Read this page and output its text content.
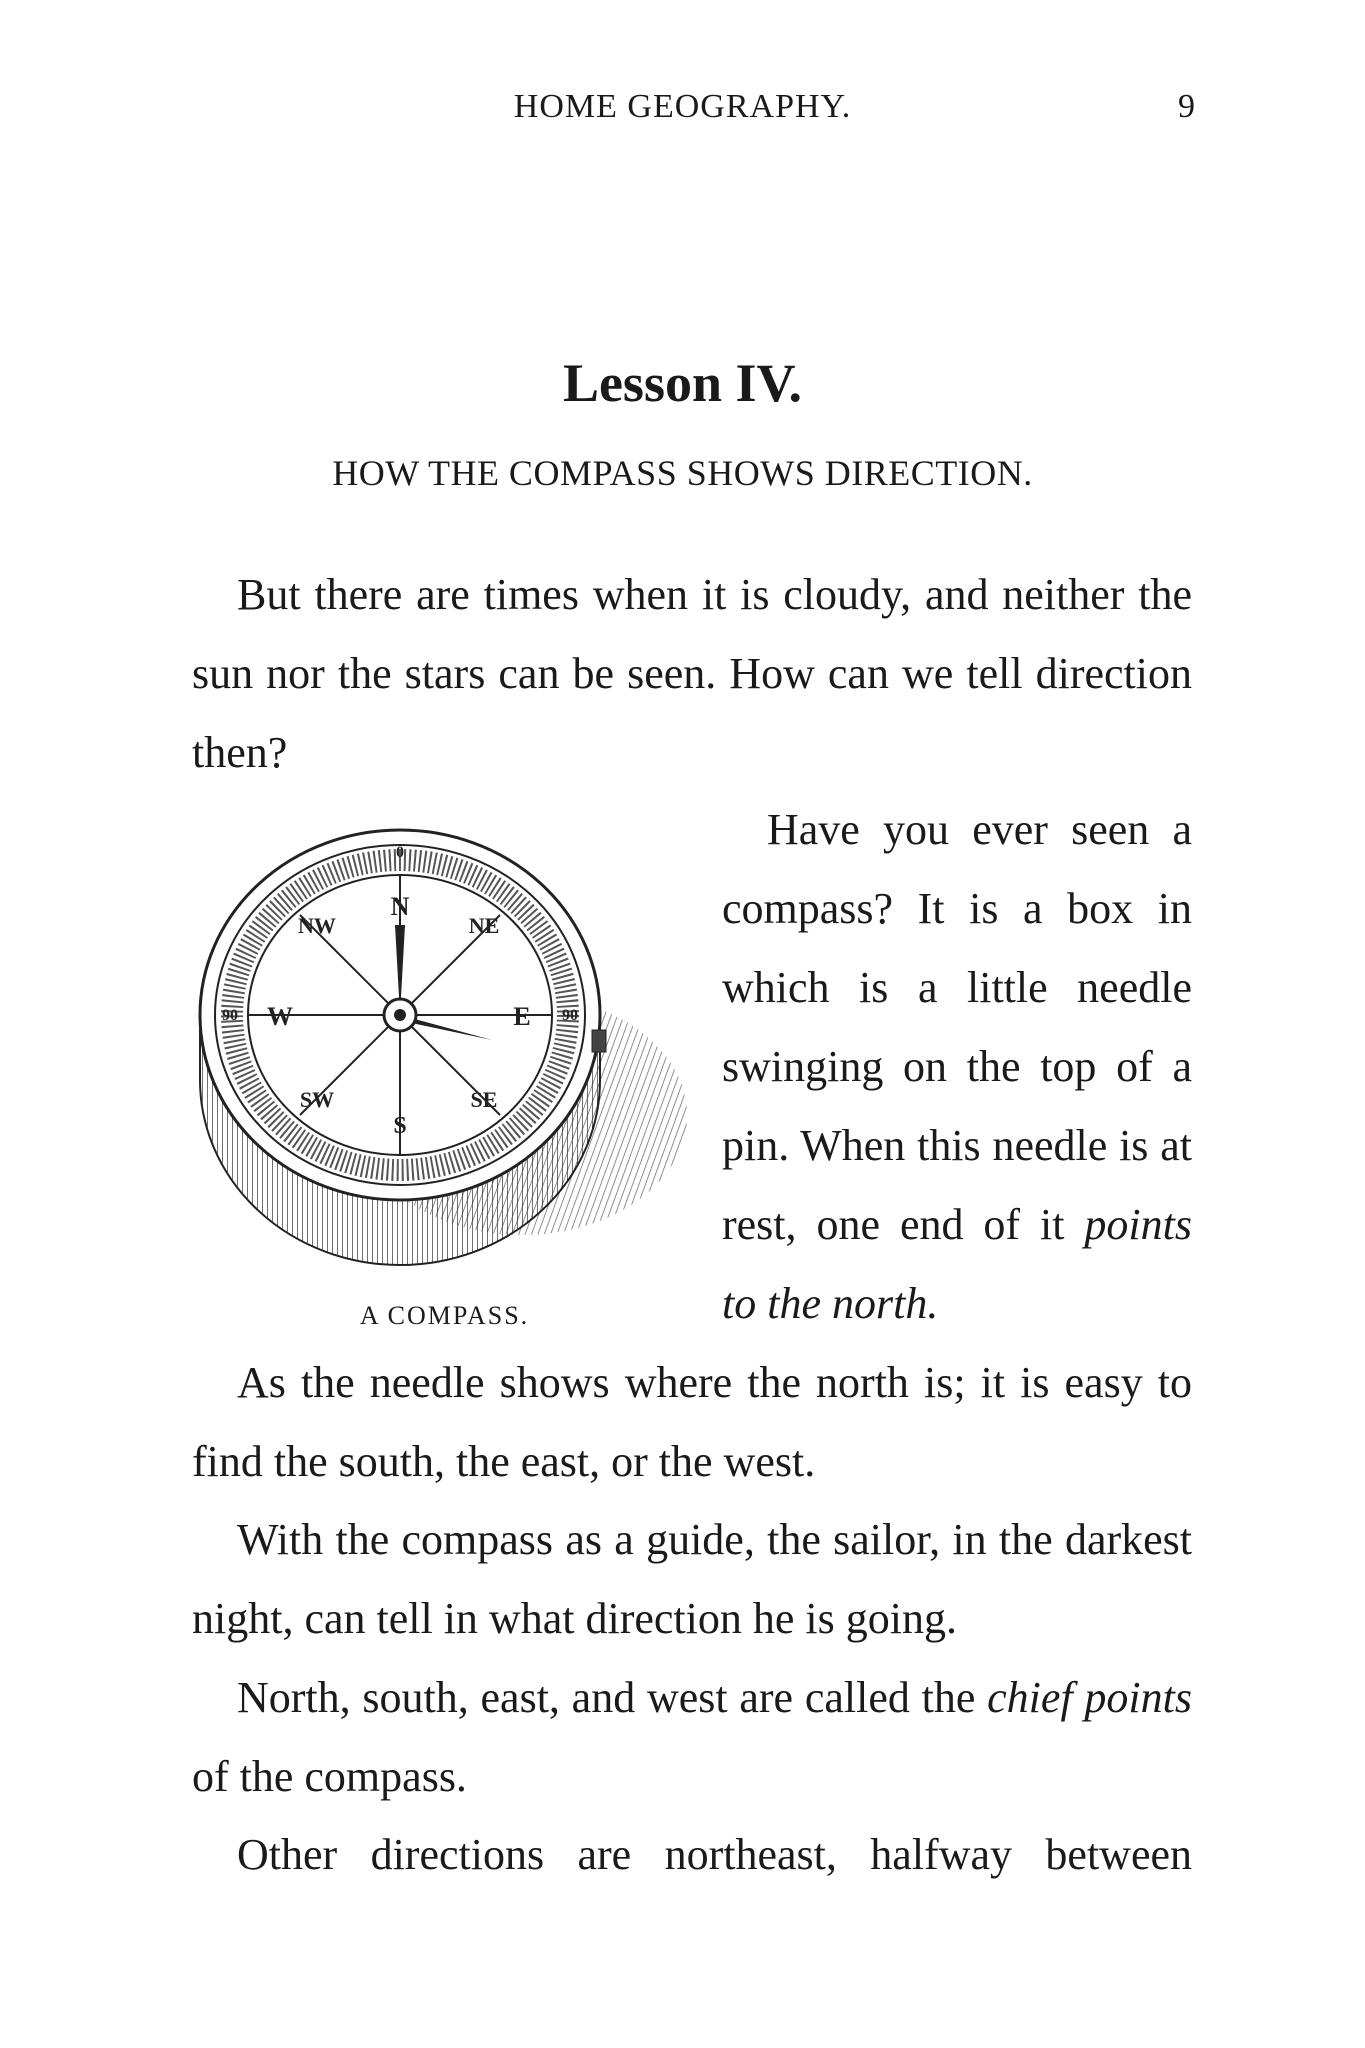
HOME GEOGRAPHY.	9
Lesson IV.
HOW THE COMPASS SHOWS DIRECTION.

But there are times when it is cloudy, and neither the sun nor the stars can be seen. How can we tell direction then?

N
NE
E
SE
S
SW
W
NW
0
90
90
A COMPASS.

Have you ever seen a compass? It is a box in which is a little needle swinging on the top of a pin. When this needle is at rest, one end of it points to the north.

As the needle shows where the north is; it is easy to find the south, the east, or the west.

With the compass as a guide, the sailor, in the darkest night, can tell in what direction he is going.

North, south, east, and west are called the chief points of the compass.

Other directions are northeast, halfway between
